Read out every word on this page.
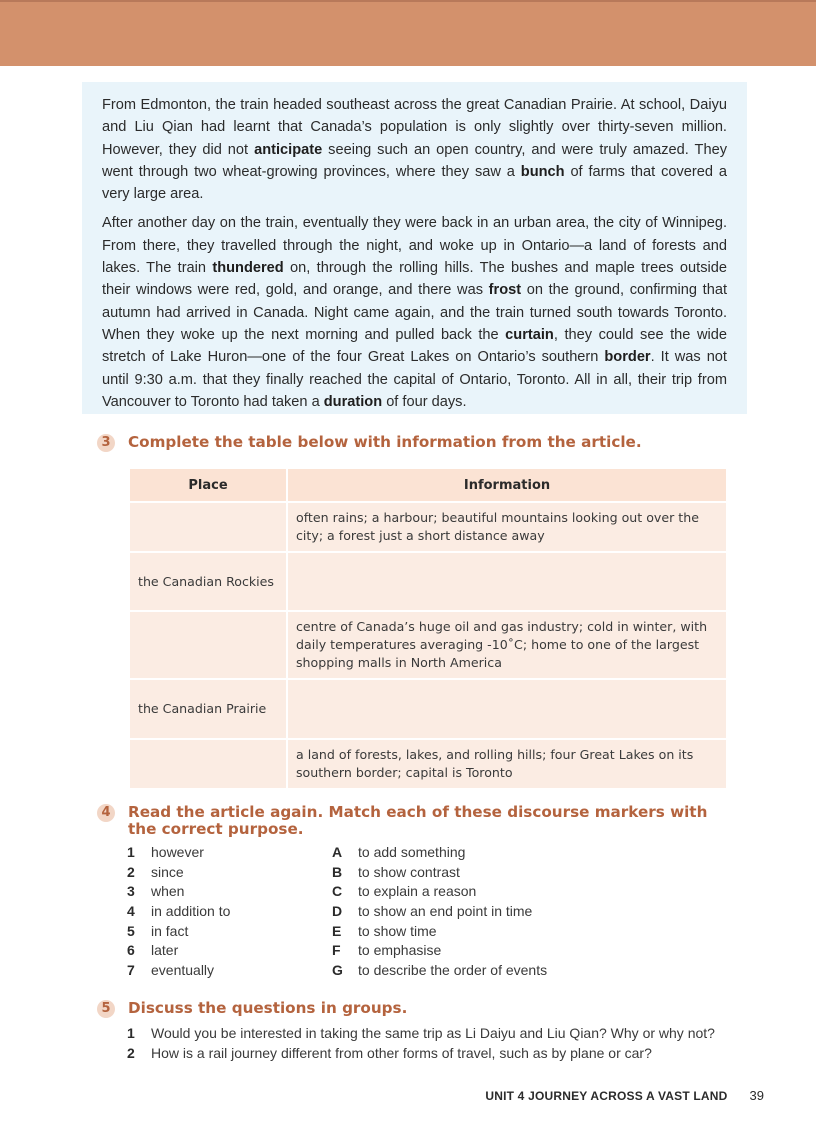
From Edmonton, the train headed southeast across the great Canadian Prairie. At school, Daiyu and Liu Qian had learnt that Canada’s population is only slightly over thirty-seven million. However, they did not anticipate seeing such an open country, and were truly amazed. They went through two wheat-growing provinces, where they saw a bunch of farms that covered a very large area.

After another day on the train, eventually they were back in an urban area, the city of Winnipeg. From there, they travelled through the night, and woke up in Ontario—a land of forests and lakes. The train thundered on, through the rolling hills. The bushes and maple trees outside their windows were red, gold, and orange, and there was frost on the ground, confirming that autumn had arrived in Canada. Night came again, and the train turned south towards Toronto. When they woke up the next morning and pulled back the curtain, they could see the wide stretch of Lake Huron—one of the four Great Lakes on Ontario’s southern border. It was not until 9:30 a.m. that they finally reached the capital of Ontario, Toronto. All in all, their trip from Vancouver to Toronto had taken a duration of four days.

3 Complete the table below with information from the article.
Place	Information
	often rains; a harbour; beautiful mountains looking out over the city; a forest just a short distance away
the Canadian Rockies	
	centre of Canada’s huge oil and gas industry; cold in winter, with daily temperatures averaging -10˚C; home to one of the largest shopping malls in North America
the Canadian Prairie	
	a land of forests, lakes, and rolling hills; four Great Lakes on its southern border; capital is Toronto
4 Read the article again. Match each of these discourse markers with the correct purpose.
1 however	A to add something
2 since	B to show contrast
3 when	C to explain a reason
4 in addition to	D to show an end point in time
5 in fact	E to show time
6 later	F to emphasise
7 eventually	G to describe the order of events
5 Discuss the questions in groups.
1 Would you be interested in taking the same trip as Li Daiyu and Liu Qian? Why or why not?
2 How is a rail journey different from other forms of travel, such as by plane or car?
UNIT 4 JOURNEY ACROSS A VAST LAND 39
